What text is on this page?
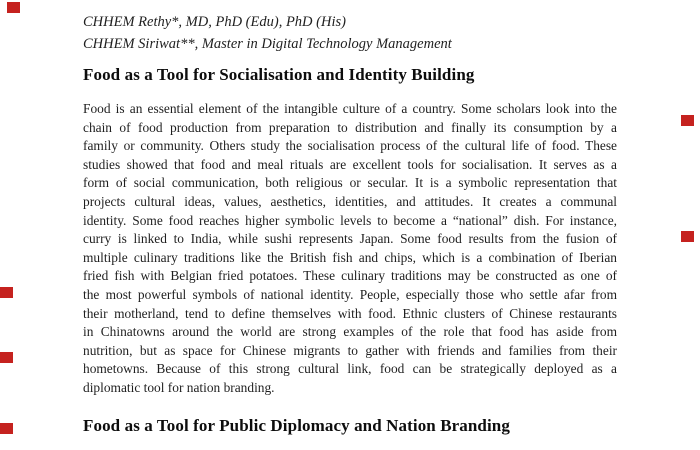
CHHEM Rethy*, MD, PhD (Edu), PhD (His)
CHHEM Siriwat**, Master in Digital Technology Management
Food as a Tool for Socialisation and Identity Building
Food is an essential element of the intangible culture of a country. Some scholars look into the
chain of food production from preparation to distribution and finally its consumption by a
family or community. Others study the socialisation process of the cultural life of food. These
studies showed that food and meal rituals are excellent tools for socialisation. It serves as a
form of social communication, both religious or secular. It is a symbolic representation that
projects cultural ideas, values, aesthetics, identities, and attitudes. It creates a communal
identity. Some food reaches higher symbolic levels to become a “national” dish. For instance,
curry is linked to India, while sushi represents Japan. Some food results from the fusion of
multiple culinary traditions like the British fish and chips, which is a combination of Iberian
fried fish with Belgian fried potatoes. These culinary traditions may be constructed as one of
the most powerful symbols of national identity. People, especially those who settle afar from
their motherland, tend to define themselves with food. Ethnic clusters of Chinese restaurants
in Chinatowns around the world are strong examples of the role that food has aside from
nutrition, but as space for Chinese migrants to gather with friends and families from their
hometowns. Because of this strong cultural link, food can be strategically deployed as a
diplomatic tool for nation branding.
Food as a Tool for Public Diplomacy and Nation Branding
